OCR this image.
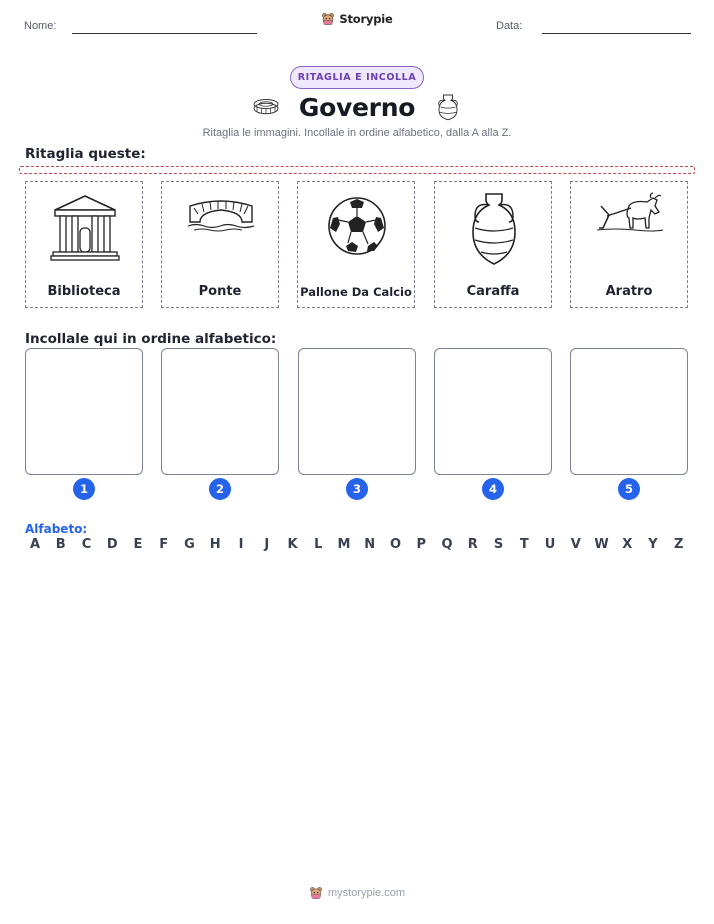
Nome:	Storypie	Data:
RITAGLIA E INCOLLA
Governo
Ritaglia le immagini. Incollale in ordine alfabetico, dalla A alla Z.
Ritaglia queste:
Biblioteca	Ponte	Pallone Da Calcio	Caraffa	Aratro
Incollale qui in ordine alfabetico:
1	2	3	4	5
Alfabeto:
A B C D E F G H	I	J	K L M N O P Q R S T U V W X Y Z
mystorypie.com
